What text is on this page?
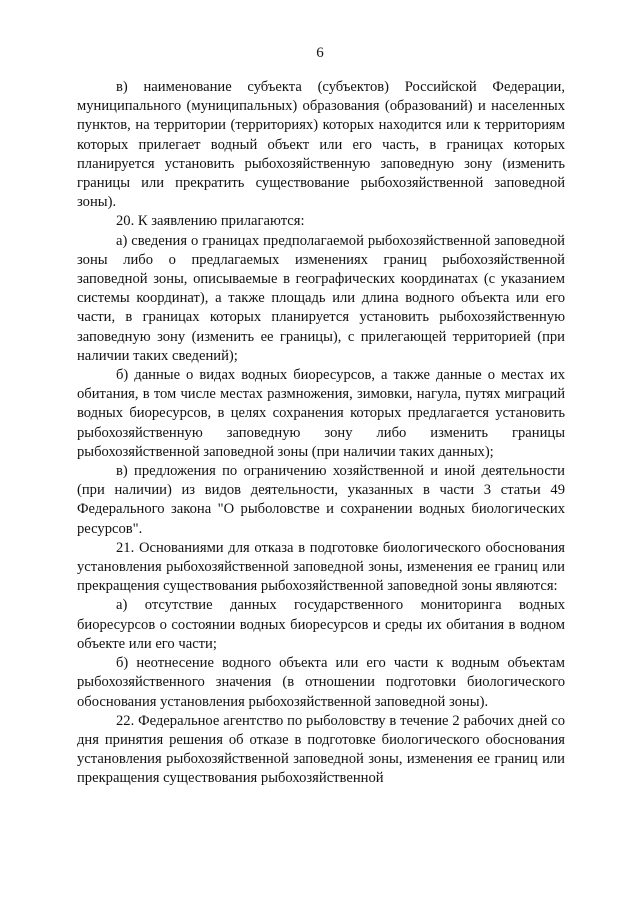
6

в) наименование субъекта (субъектов) Российской Федерации, муниципального (муниципальных) образования (образований) и населенных пунктов, на территории (территориях) которых находится или к территориям которых прилегает водный объект или его часть, в границах которых планируется установить рыбохозяйственную заповедную зону (изменить границы или прекратить существование рыбохозяйственной заповедной зоны).

20. К заявлению прилагаются:

а) сведения о границах предполагаемой рыбохозяйственной заповедной зоны либо о предлагаемых изменениях границ рыбохозяйственной заповедной зоны, описываемые в географических координатах (с указанием системы координат), а также площадь или длина водного объекта или его части, в границах которых планируется установить рыбохозяйственную заповедную зону (изменить ее границы), с прилегающей территорией (при наличии таких сведений);

б) данные о видах водных биоресурсов, а также данные о местах их обитания, в том числе местах размножения, зимовки, нагула, путях миграций водных биоресурсов, в целях сохранения которых предлагается установить рыбохозяйственную заповедную зону либо изменить границы рыбохозяйственной заповедной зоны (при наличии таких данных);

в) предложения по ограничению хозяйственной и иной деятельности (при наличии) из видов деятельности, указанных в части 3 статьи 49 Федерального закона "О рыболовстве и сохранении водных биологических ресурсов".

21. Основаниями для отказа в подготовке биологического обоснования установления рыбохозяйственной заповедной зоны, изменения ее границ или прекращения существования рыбохозяйственной заповедной зоны являются:

а) отсутствие данных государственного мониторинга водных биоресурсов о состоянии водных биоресурсов и среды их обитания в водном объекте или его части;

б) неотнесение водного объекта или его части к водным объектам рыбохозяйственного значения (в отношении подготовки биологического обоснования установления рыбохозяйственной заповедной зоны).

22. Федеральное агентство по рыболовству в течение 2 рабочих дней со дня принятия решения об отказе в подготовке биологического обоснования установления рыбохозяйственной заповедной зоны, изменения ее границ или прекращения существования рыбохозяйственной
